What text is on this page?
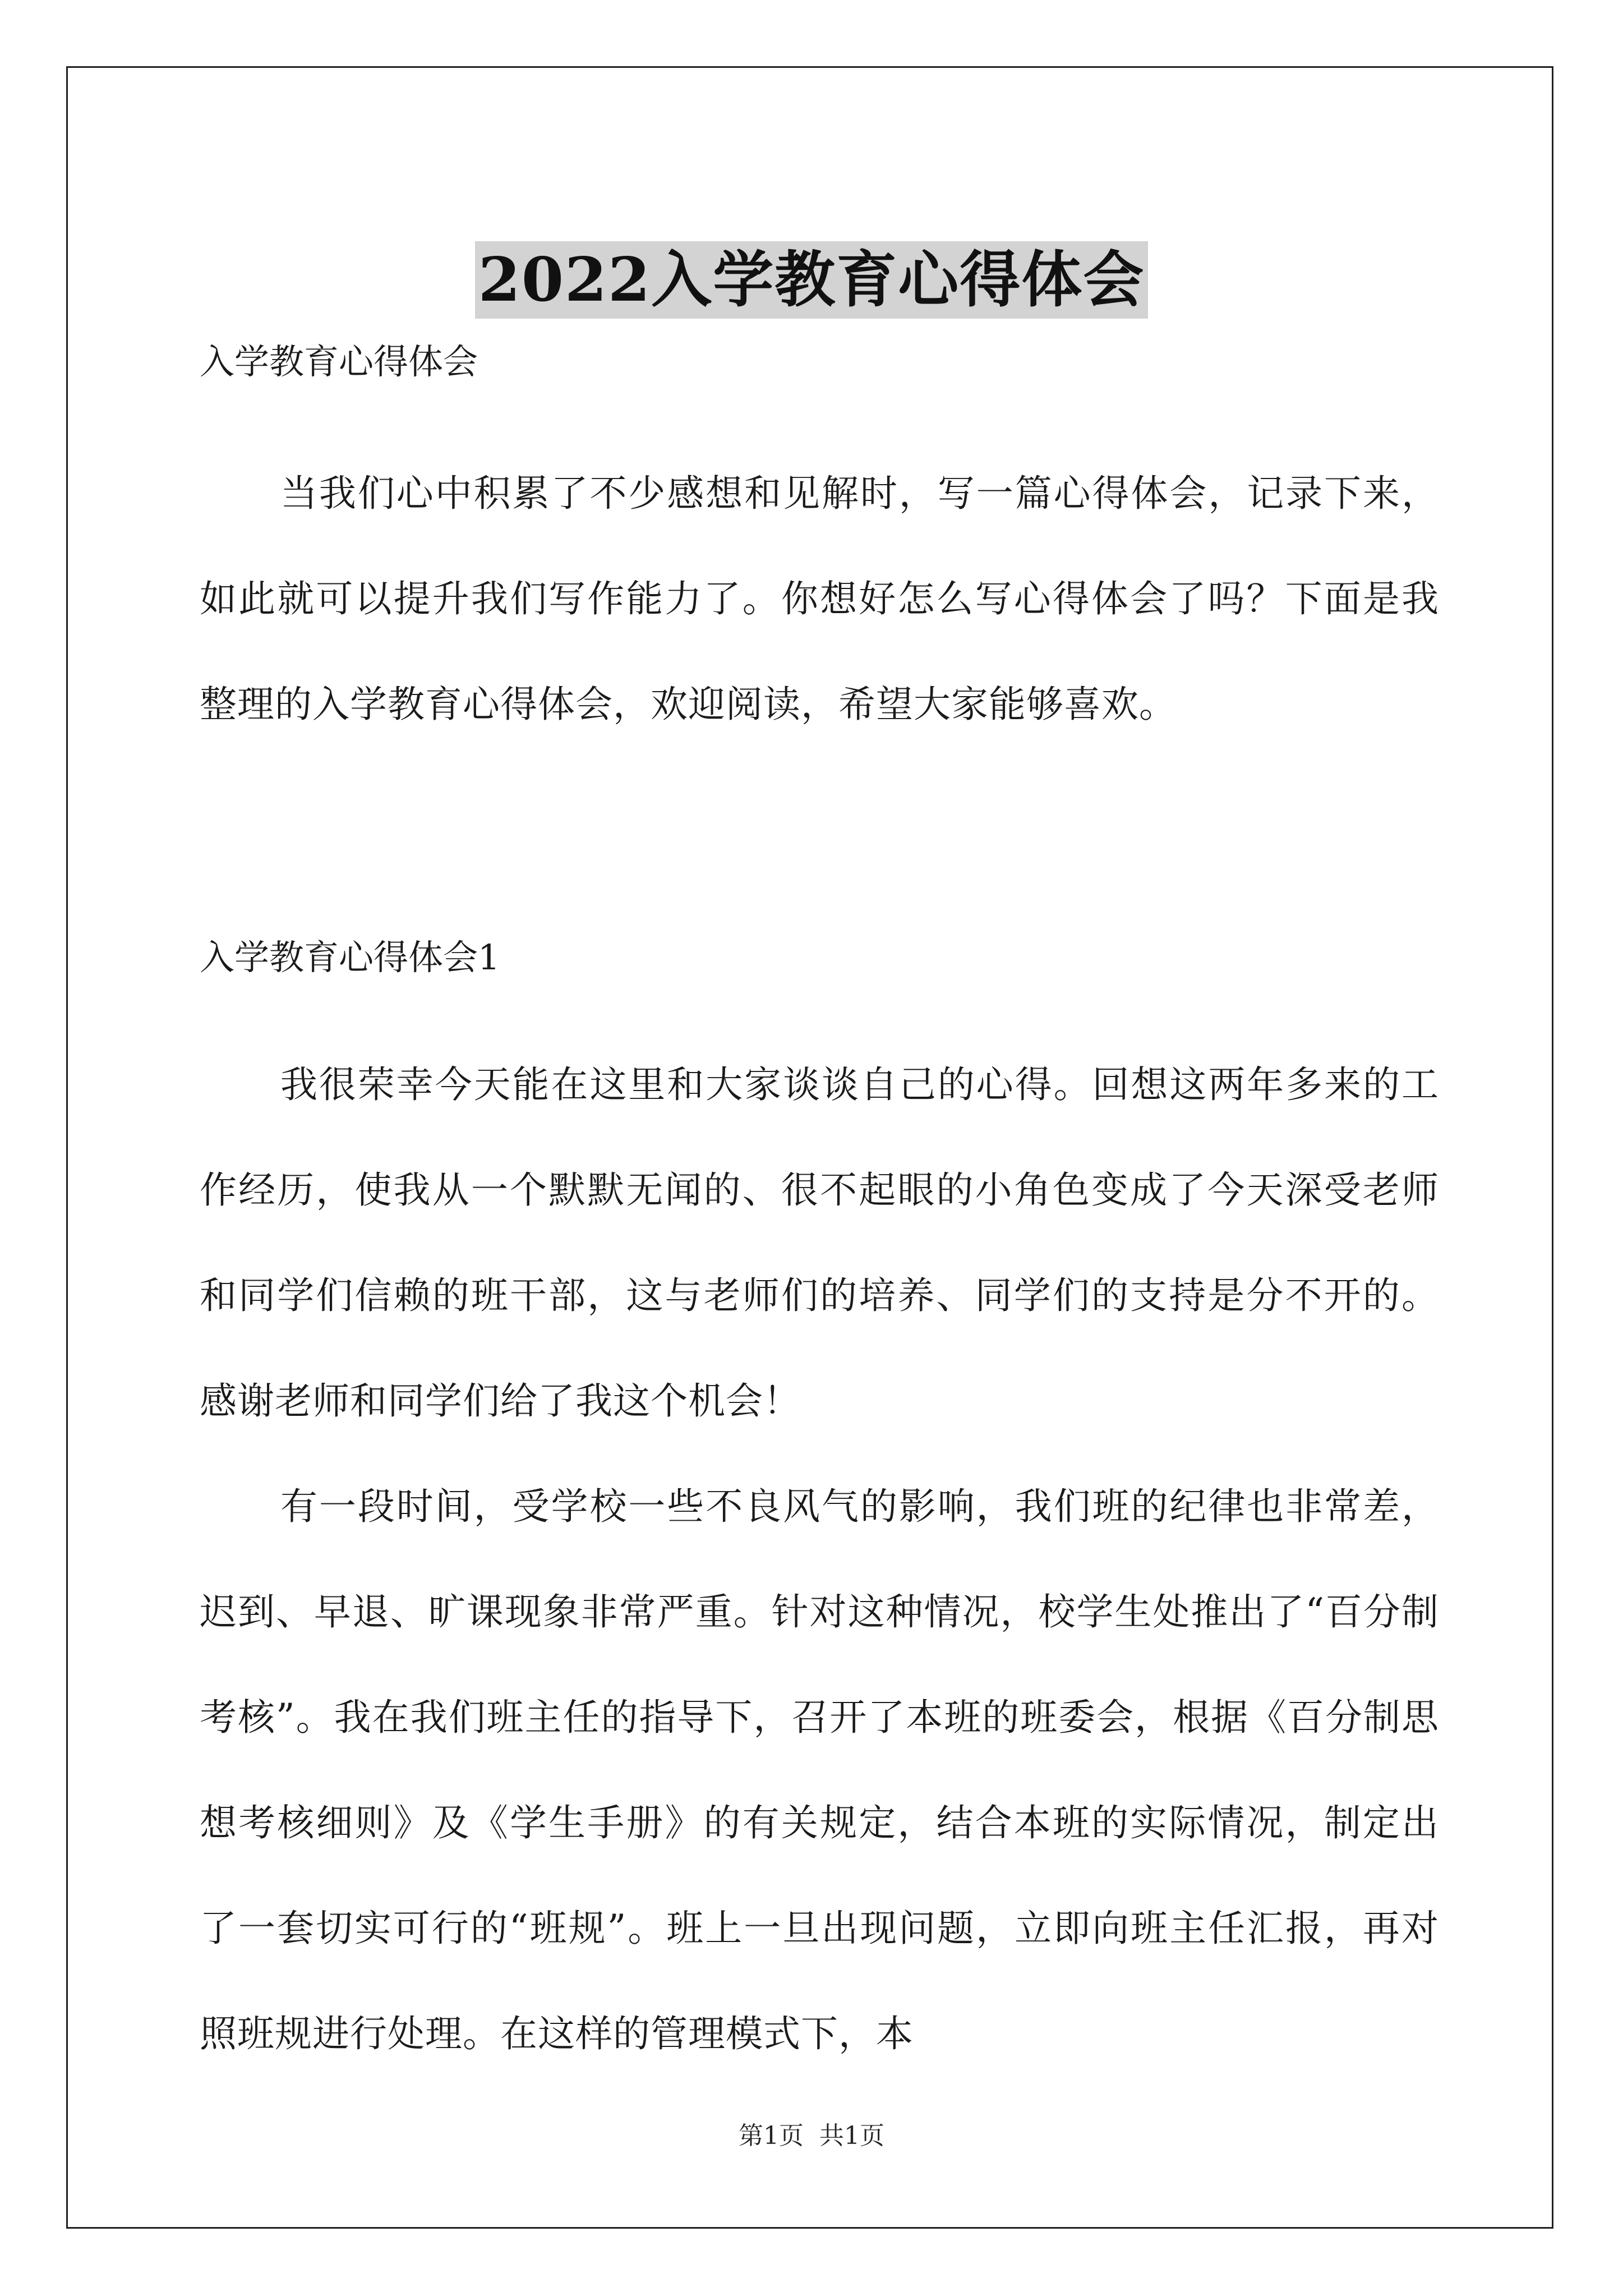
2022入学教育心得体会

入学教育心得体会

当我们心中积累了不少感想和见解时，写一篇心得体会，记录下来，如此就可以提升我们写作能力了。你想好怎么写心得体会了吗？下面是我整理的入学教育心得体会，欢迎阅读，希望大家能够喜欢。

入学教育心得体会1

我很荣幸今天能在这里和大家谈谈自己的心得。回想这两年多来的工作经历，使我从一个默默无闻的、很不起眼的小角色变成了今天深受老师和同学们信赖的班干部，这与老师们的培养、同学们的支持是分不开的。感谢老师和同学们给了我这个机会！

有一段时间，受学校一些不良风气的影响，我们班的纪律也非常差，迟到、早退、旷课现象非常严重。针对这种情况，校学生处推出了“百分制考核”。我在我们班主任的指导下，召开了本班的班委会，根据《百分制思想考核细则》及《学生手册》的有关规定，结合本班的实际情况，制定出了一套切实可行的“班规”。班上一旦出现问题，立即向班主任汇报，再对照班规进行处理。在这样的管理模式下，本

第1页 共1页
